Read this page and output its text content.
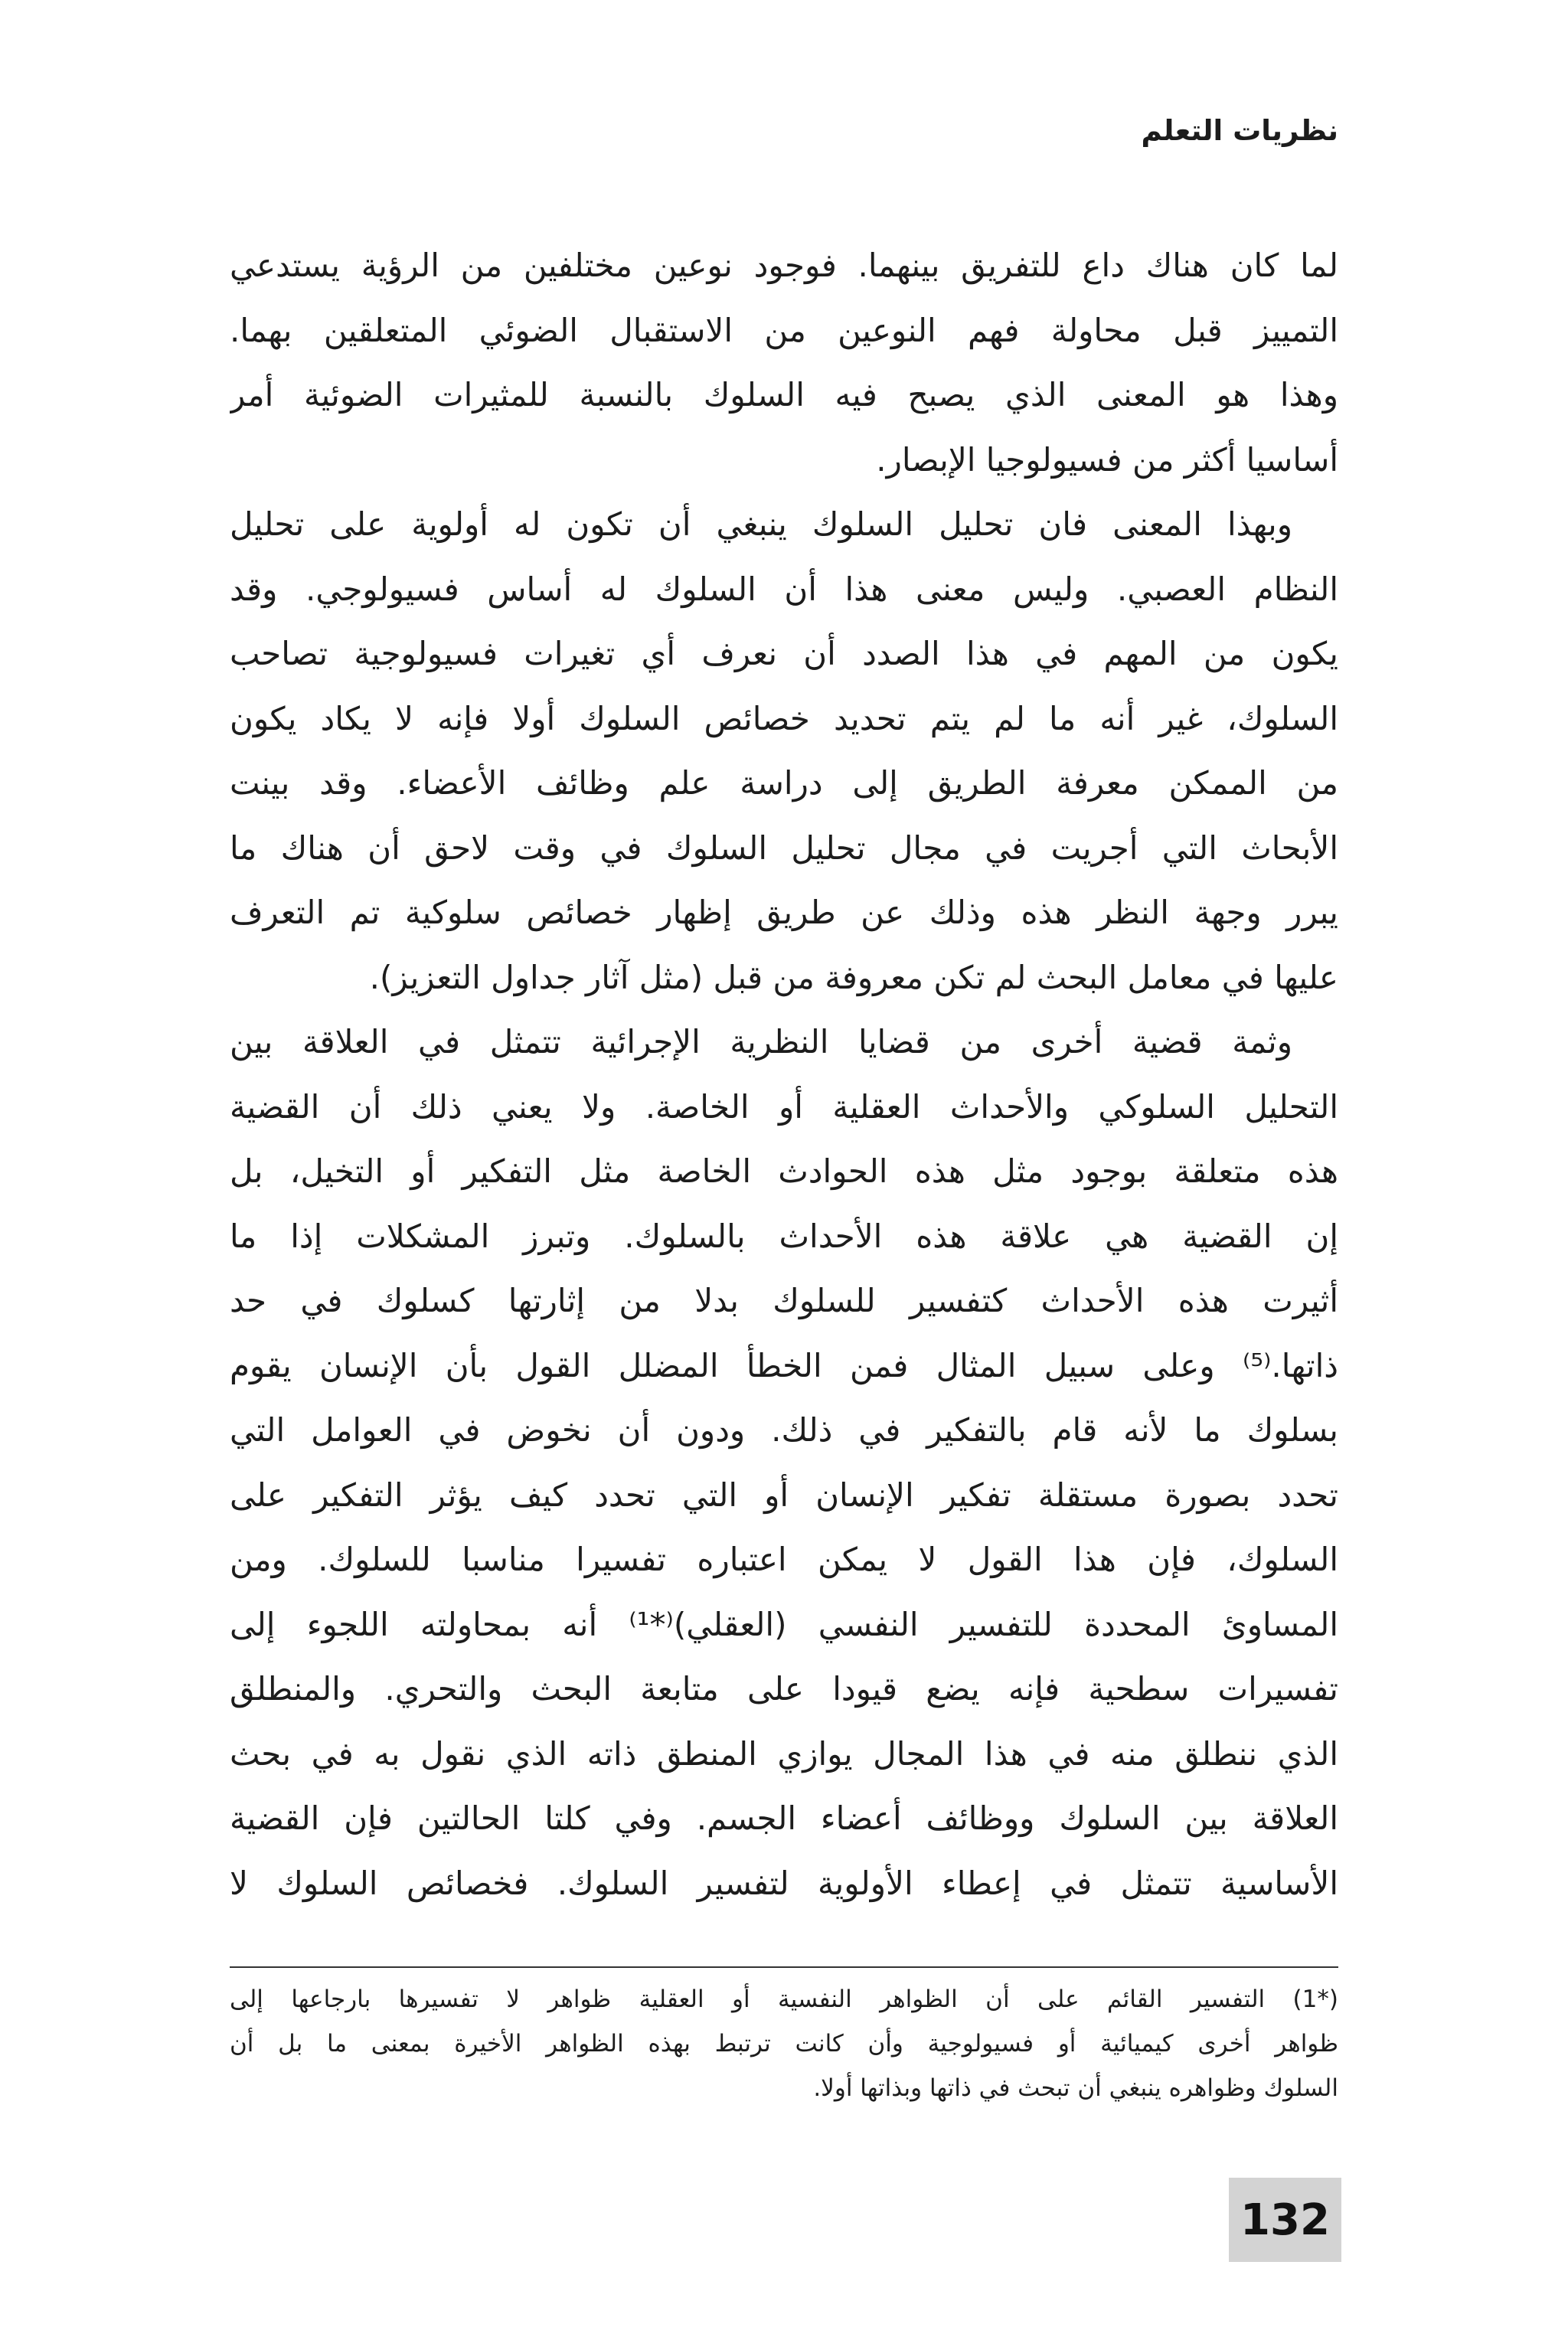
نظريات التعلم
لما كان هناك داع للتفريق بينهما. فوجود نوعين مختلفين من الرؤية يستدعي
التمييز قبل محاولة فهم النوعين من الاستقبال الضوئي المتعلقين بهما.
وهذا هو المعنى الذي يصبح فيه السلوك بالنسبة للمثيرات الضوئية أمر
أساسيا أكثر من فسيولوجيا الإبصار.
وبهذا المعنى فان تحليل السلوك ينبغي أن تكون له أولوية على تحليل
النظام العصبي. وليس معنى هذا أن السلوك له أساس فسيولوجي. وقد
يكون من المهم في هذا الصدد أن نعرف أي تغيرات فسيولوجية تصاحب
السلوك، غير أنه ما لم يتم تحديد خصائص السلوك أولا فإنه لا يكاد يكون
من الممكن معرفة الطريق إلى دراسة علم وظائف الأعضاء. وقد بينت
الأبحاث التي أجريت في مجال تحليل السلوك في وقت لاحق أن هناك ما
يبرر وجهة النظر هذه وذلك عن طريق إظهار خصائص سلوكية تم التعرف
عليها في معامل البحث لم تكن معروفة من قبل (مثل آثار جداول التعزيز).
وثمة قضية أخرى من قضايا النظرية الإجرائية تتمثل في العلاقة بين
التحليل السلوكي والأحداث العقلية أو الخاصة. ولا يعني ذلك أن القضية
هذه متعلقة بوجود مثل هذه الحوادث الخاصة مثل التفكير أو التخيل، بل
إن القضية هي علاقة هذه الأحداث بالسلوك. وتبرز المشكلات إذا ما
أثيرت هذه الأحداث كتفسير للسلوك بدلا من إثارتها كسلوك في حد
ذاتها.⁽⁵⁾ وعلى سبيل المثال فمن الخطأ المضلل القول بأن الإنسان يقوم
بسلوك ما لأنه قام بالتفكير في ذلك. ودون أن نخوض في العوامل التي
تحدد بصورة مستقلة تفكير الإنسان أو التي تحدد كيف يؤثر التفكير على
السلوك، فإن هذا القول لا يمكن اعتباره تفسيرا مناسبا للسلوك. ومن
المساوئ المحددة للتفسير النفسي (العقلي)⁽*¹⁾ أنه بمحاولته اللجوء إلى
تفسيرات سطحية فإنه يضع قيودا على متابعة البحث والتحري. والمنطلق
الذي ننطلق منه في هذا المجال يوازي المنطق ذاته الذي نقول به في بحث
العلاقة بين السلوك ووظائف أعضاء الجسم. وفي كلتا الحالتين فإن القضية
الأساسية تتمثل في إعطاء الأولوية لتفسير السلوك. فخصائص السلوك لا
(*1) التفسير القائم على أن الظواهر النفسية أو العقلية ظواهر لا تفسيرها بارجاعها إلى
ظواهر أخرى كيميائية أو فسيولوجية وأن كانت ترتبط بهذه الظواهر الأخيرة بمعنى ما بل أن
السلوك وظواهره ينبغي أن تبحث في ذاتها وبذاتها أولا.
132
